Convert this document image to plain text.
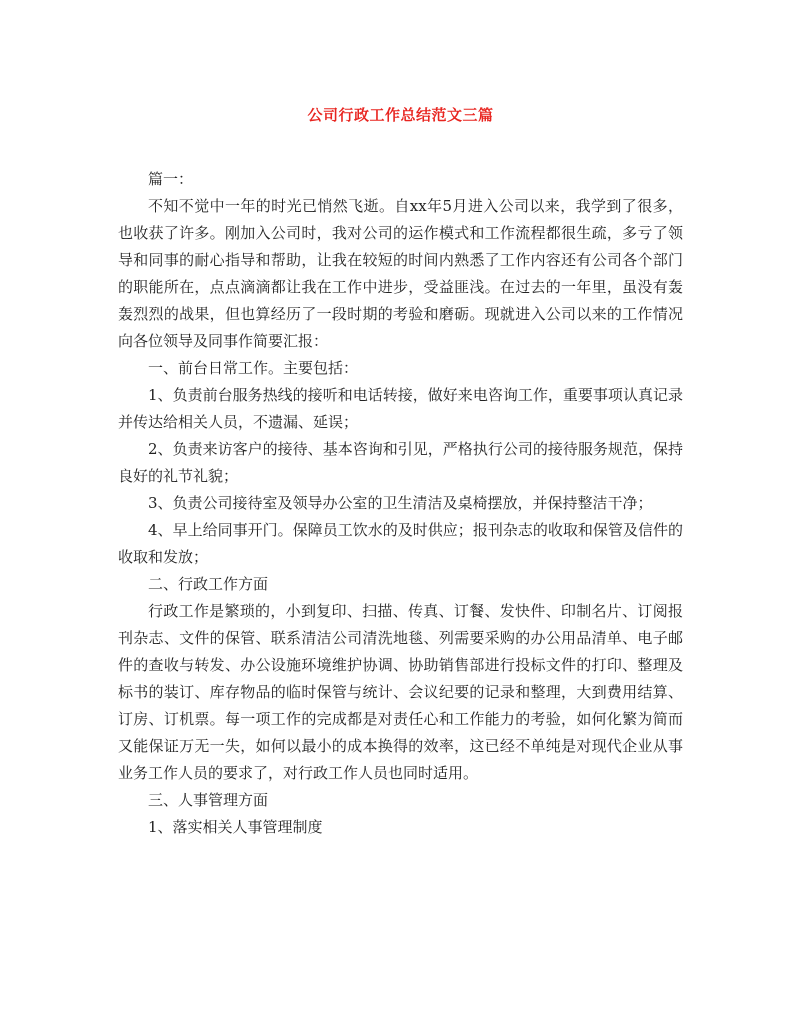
公司行政工作总结范文三篇

篇一：

不知不觉中一年的时光已悄然飞逝。自xx年5月进入公司以来，我学到了很多，也收获了许多。刚加入公司时，我对公司的运作模式和工作流程都很生疏，多亏了领导和同事的耐心指导和帮助，让我在较短的时间内熟悉了工作内容还有公司各个部门的职能所在，点点滴滴都让我在工作中进步，受益匪浅。在过去的一年里，虽没有轰轰烈烈的战果，但也算经历了一段时期的考验和磨砺。现就进入公司以来的工作情况向各位领导及同事作简要汇报：

一、前台日常工作。主要包括：

1、负责前台服务热线的接听和电话转接，做好来电咨询工作，重要事项认真记录并传达给相关人员，不遗漏、延误；

2、负责来访客户的接待、基本咨询和引见，严格执行公司的接待服务规范，保持良好的礼节礼貌；

3、负责公司接待室及领导办公室的卫生清洁及桌椅摆放，并保持整洁干净；

4、早上给同事开门。保障员工饮水的及时供应；报刊杂志的收取和保管及信件的收取和发放；

二、行政工作方面

行政工作是繁琐的，小到复印、扫描、传真、订餐、发快件、印制名片、订阅报刊杂志、文件的保管、联系清洁公司清洗地毯、列需要采购的办公用品清单、电子邮件的查收与转发、办公设施环境维护协调、协助销售部进行投标文件的打印、整理及标书的装订、库存物品的临时保管与统计、会议纪要的记录和整理，大到费用结算、订房、订机票。每一项工作的完成都是对责任心和工作能力的考验，如何化繁为简而又能保证万无一失，如何以最小的成本换得的效率，这已经不单纯是对现代企业从事业务工作人员的要求了，对行政工作人员也同时适用。

三、人事管理方面

1、落实相关人事管理制度
